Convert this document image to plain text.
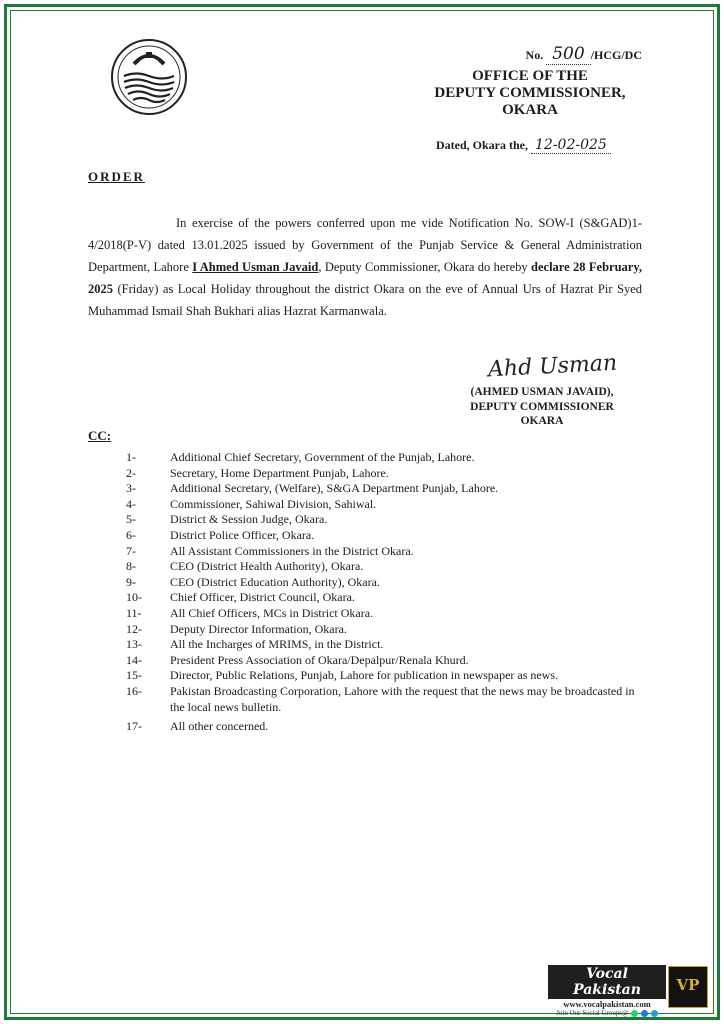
No. 500 /HCG/DC
OFFICE OF THE
DEPUTY COMMISSIONER,
OKARA
Dated, Okara the, 12-02-025
ORDER

In exercise of the powers conferred upon me vide Notification No. SOW-I (S&GAD)1-4/2018(P-V) dated 13.01.2025 issued by Government of the Punjab Service & General Administration Department, Lahore I Ahmed Usman Javaid, Deputy Commissioner, Okara do hereby declare 28 February, 2025 (Friday) as Local Holiday throughout the district Okara on the eve of Annual Urs of Hazrat Pir Syed Muhammad Ismail Shah Bukhari alias Hazrat Karmanwala.

Ahd Usman
(AHMED USMAN JAVAID),
DEPUTY COMMISSIONER
OKARA
CC:
1-	Additional Chief Secretary, Government of the Punjab, Lahore.
2-	Secretary, Home Department Punjab, Lahore.
3-	Additional Secretary, (Welfare), S&GA Department Punjab, Lahore.
4-	Commissioner, Sahiwal Division, Sahiwal.
5-	District & Session Judge, Okara.
6-	District Police Officer, Okara.
7-	All Assistant Commissioners in the District Okara.
8-	CEO (District Health Authority), Okara.
9-	CEO (District Education Authority), Okara.
10-	Chief Officer, District Council, Okara.
11-	All Chief Officers, MCs in District Okara.
12-	Deputy Director Information, Okara.
13-	All the Incharges of MRIMS, in the District.
14-	President Press Association of Okara/Depalpur/Renala Khurd.
15-	Director, Public Relations, Punjab, Lahore for publication in newspaper as news.
16-	Pakistan Broadcasting Corporation, Lahore with the request that the news may be broadcasted in the local news bulletin.
17-	All other concerned.
Vocal Pakistan
www.vocalpakistan.com
Join Our Social Groups@
VP
